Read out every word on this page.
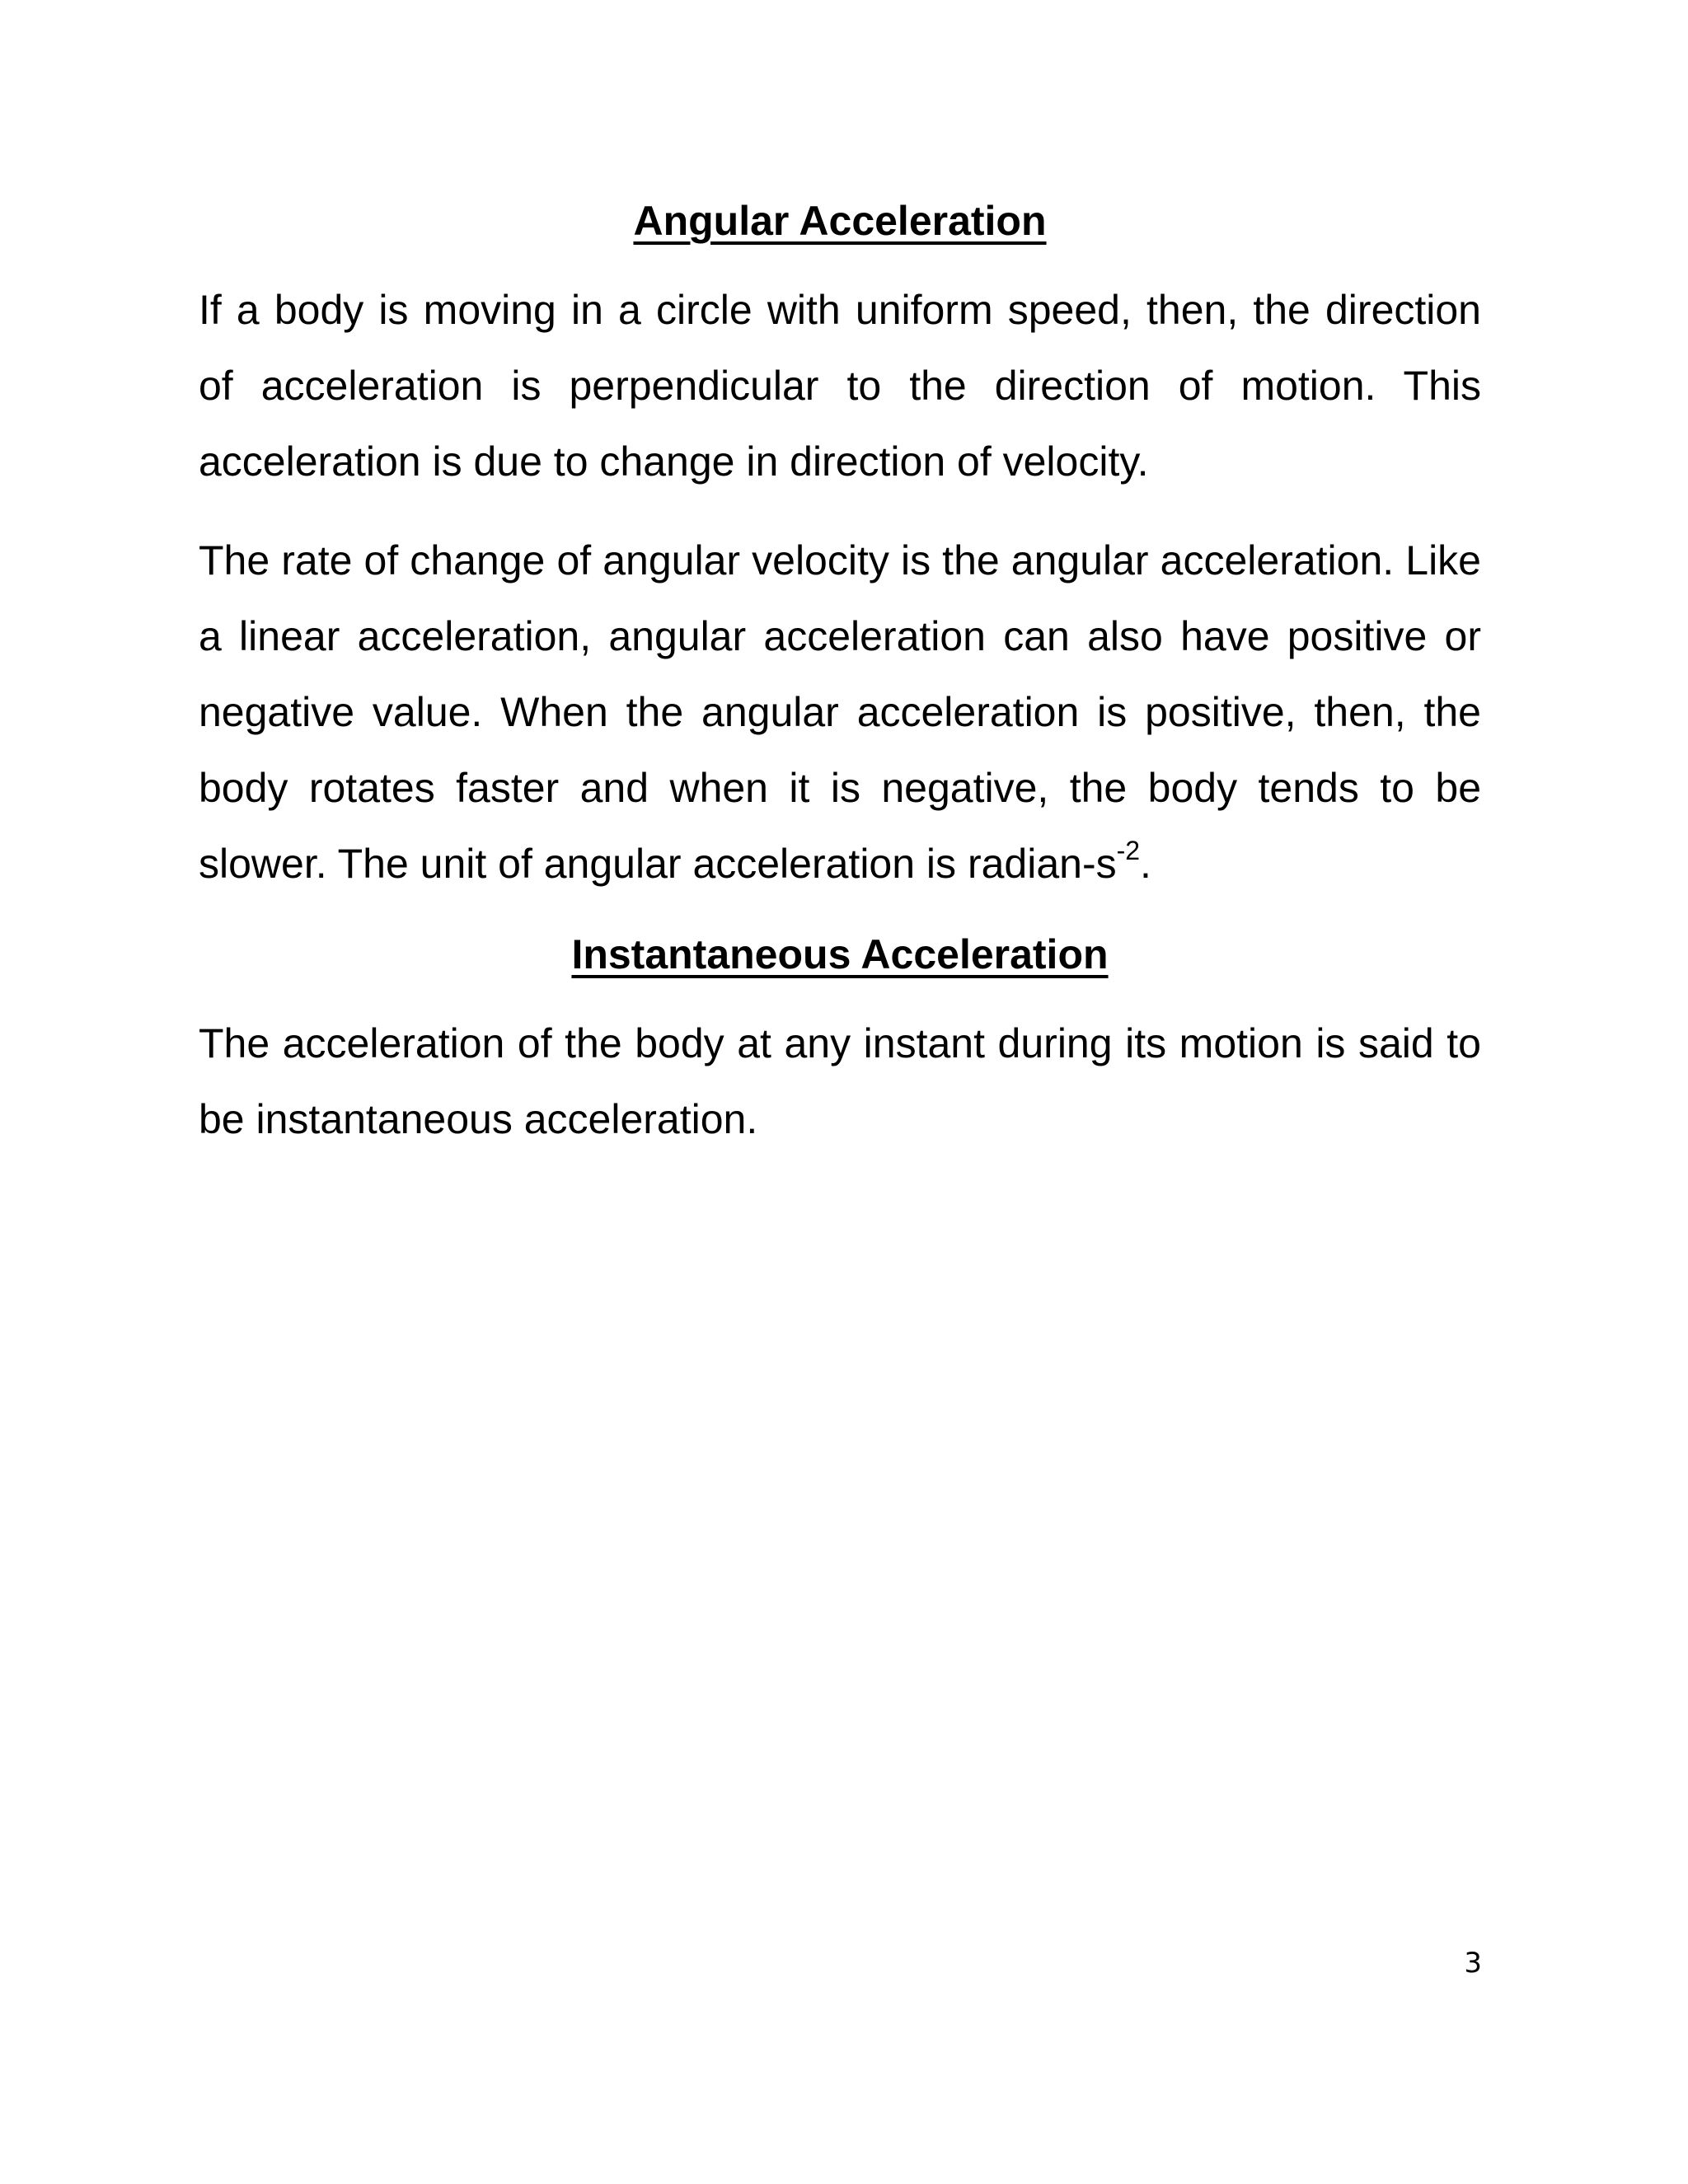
Angular Acceleration

If a body is moving in a circle with uniform speed, then, the direction of acceleration is perpendicular to the direction of motion. This acceleration is due to change in direction of velocity.

The rate of change of angular velocity is the angular acceleration. Like a linear acceleration, angular acceleration can also have positive or negative value. When the angular acceleration is positive, then, the body rotates faster and when it is negative, the body tends to be slower. The unit of angular acceleration is radian-$s^{-2}$.

Instantaneous Acceleration

The acceleration of the body at any instant during its motion is said to be instantaneous acceleration.

3
